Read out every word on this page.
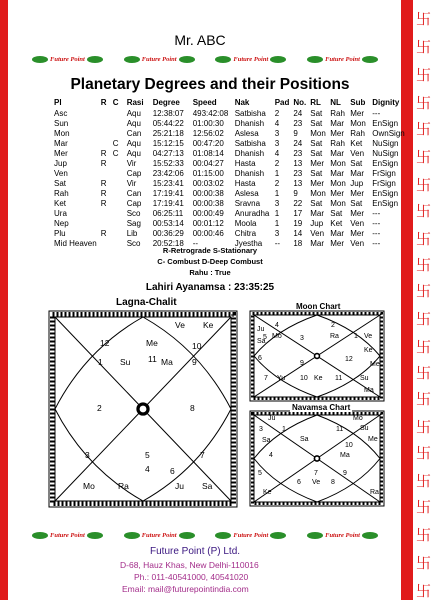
卐
卐
卐
卐
卐
卐
卐
卐
卐
卐
卐
卐
卐
卐
卐
卐
卐
卐
卐
卐
卐
卐
Mr. ABC
Future Point	Future Point	Future Point	Future Point
Future Point	Future Point	Future Point	Future Point
Planetary Degrees and their Positions
Pl	R	C	Rasi	Degree	Speed	Nak	Pad	No.	RL	NL	Sub	Dignity
Asc			Aqu	12:38:07	493:42:08	Satbisha	2	24	Sat	Rah	Mer	---
Sun			Aqu	05:44:22	01:00:30	Dhanish	4	23	Sat	Mar	Mon	EnSign
Mon			Can	25:21:18	12:56:02	Aslesa	3	9	Mon	Mer	Rah	OwnSign
Mar		C	Aqu	15:12:15	00:47:20	Satbisha	3	24	Sat	Rah	Ket	NuSign
Mer	R	C	Aqu	04:27:13	01:08:14	Dhanish	4	23	Sat	Mar	Ven	NuSign
Jup	R		Vir	15:52:33	00:04:27	Hasta	2	13	Mer	Mon	Sat	EnSign
Ven			Cap	23:42:06	01:15:00	Dhanish	1	23	Sat	Mar	Mar	FrSign
Sat	R		Vir	15:23:41	00:03:02	Hasta	2	13	Mer	Mon	Jup	FrSign
Rah	R		Can	17:19:41	00:00:38	Aslesa	1	9	Mon	Mer	Mer	EnSign
Ket	R		Cap	17:19:41	00:00:38	Sravna	3	22	Sat	Mon	Sat	EnSign
Ura			Sco	06:25:11	00:00:49	Anuradha	1	17	Mar	Sat	Mer	---
Nep			Sag	00:53:14	00:01:12	Moola	1	19	Jup	Ket	Ven	---
Plu	R		Lib	00:36:29	00:00:46	Chitra	3	14	Ven	Mar	Mer	---
Mid Heaven			Sco	20:52:18	--	Jyestha	--	18	Mar	Mer	Ven	---
R-Retrograde S-Stationary
C- Combust D-Deep Combust
Rahu : True
Lahiri Ayanamsa : 23:35:25
Lagna-Chalit	Moon Chart
Navamsa Chart
Ve Ke
12	Me	10
11
Su	Ma 9
1
2	8
3	5	7
4 6
Mo	Ra	Ju Sa
4	2
Ju
Sa
5 Mo	Ra
3	1 Ve
6	12
Ke
9	Me
7 Yu 10 Ke 11	Su
Ma
Ju
3	1
Mo
11
Sa	Sa
Su
Me
10
4	Ma
5	9
7
6	8
Ve
Ke	Ra
Future Point (P) Ltd.
D-68, Hauz Khas, New Delhi-110016
Ph.: 011-40541000, 40541020
Email: mail@futurepointindia.com
